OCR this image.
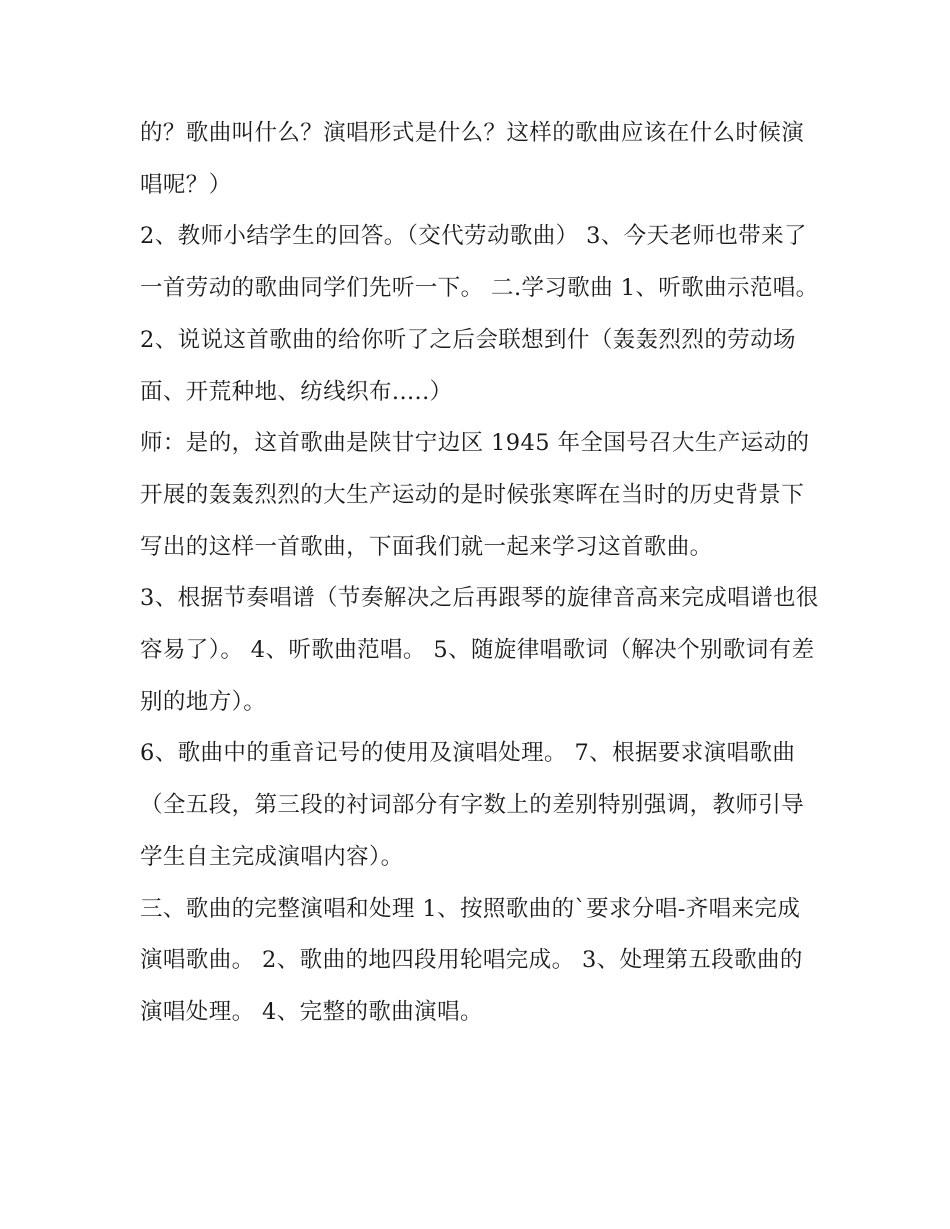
的？歌曲叫什么？演唱形式是什么？这样的歌曲应该在什么时候演唱呢？）

2、教师小结学生的回答。（交代劳动歌曲） 3、今天老师也带来了一首劳动的歌曲同学们先听一下。 二.学习歌曲 1、听歌曲示范唱。

2、说说这首歌曲的给你听了之后会联想到什（轰轰烈烈的劳动场面、开荒种地、纺线织布.....）

师：是的，这首歌曲是陕甘宁边区 1945 年全国号召大生产运动的开展的轰轰烈烈的大生产运动的是时候张寒晖在当时的历史背景下写出的这样一首歌曲，下面我们就一起来学习这首歌曲。

3、根据节奏唱谱（节奏解决之后再跟琴的旋律音高来完成唱谱也很容易了）。 4、听歌曲范唱。 5、随旋律唱歌词（解决个别歌词有差别的地方）。

6、歌曲中的重音记号的使用及演唱处理。 7、根据要求演唱歌曲（全五段，第三段的衬词部分有字数上的差别特别强调，教师引导学生自主完成演唱内容）。

三、歌曲的完整演唱和处理 1、按照歌曲的`要求分唱-齐唱来完成演唱歌曲。 2、歌曲的地四段用轮唱完成。 3、处理第五段歌曲的演唱处理。 4、完整的歌曲演唱。
